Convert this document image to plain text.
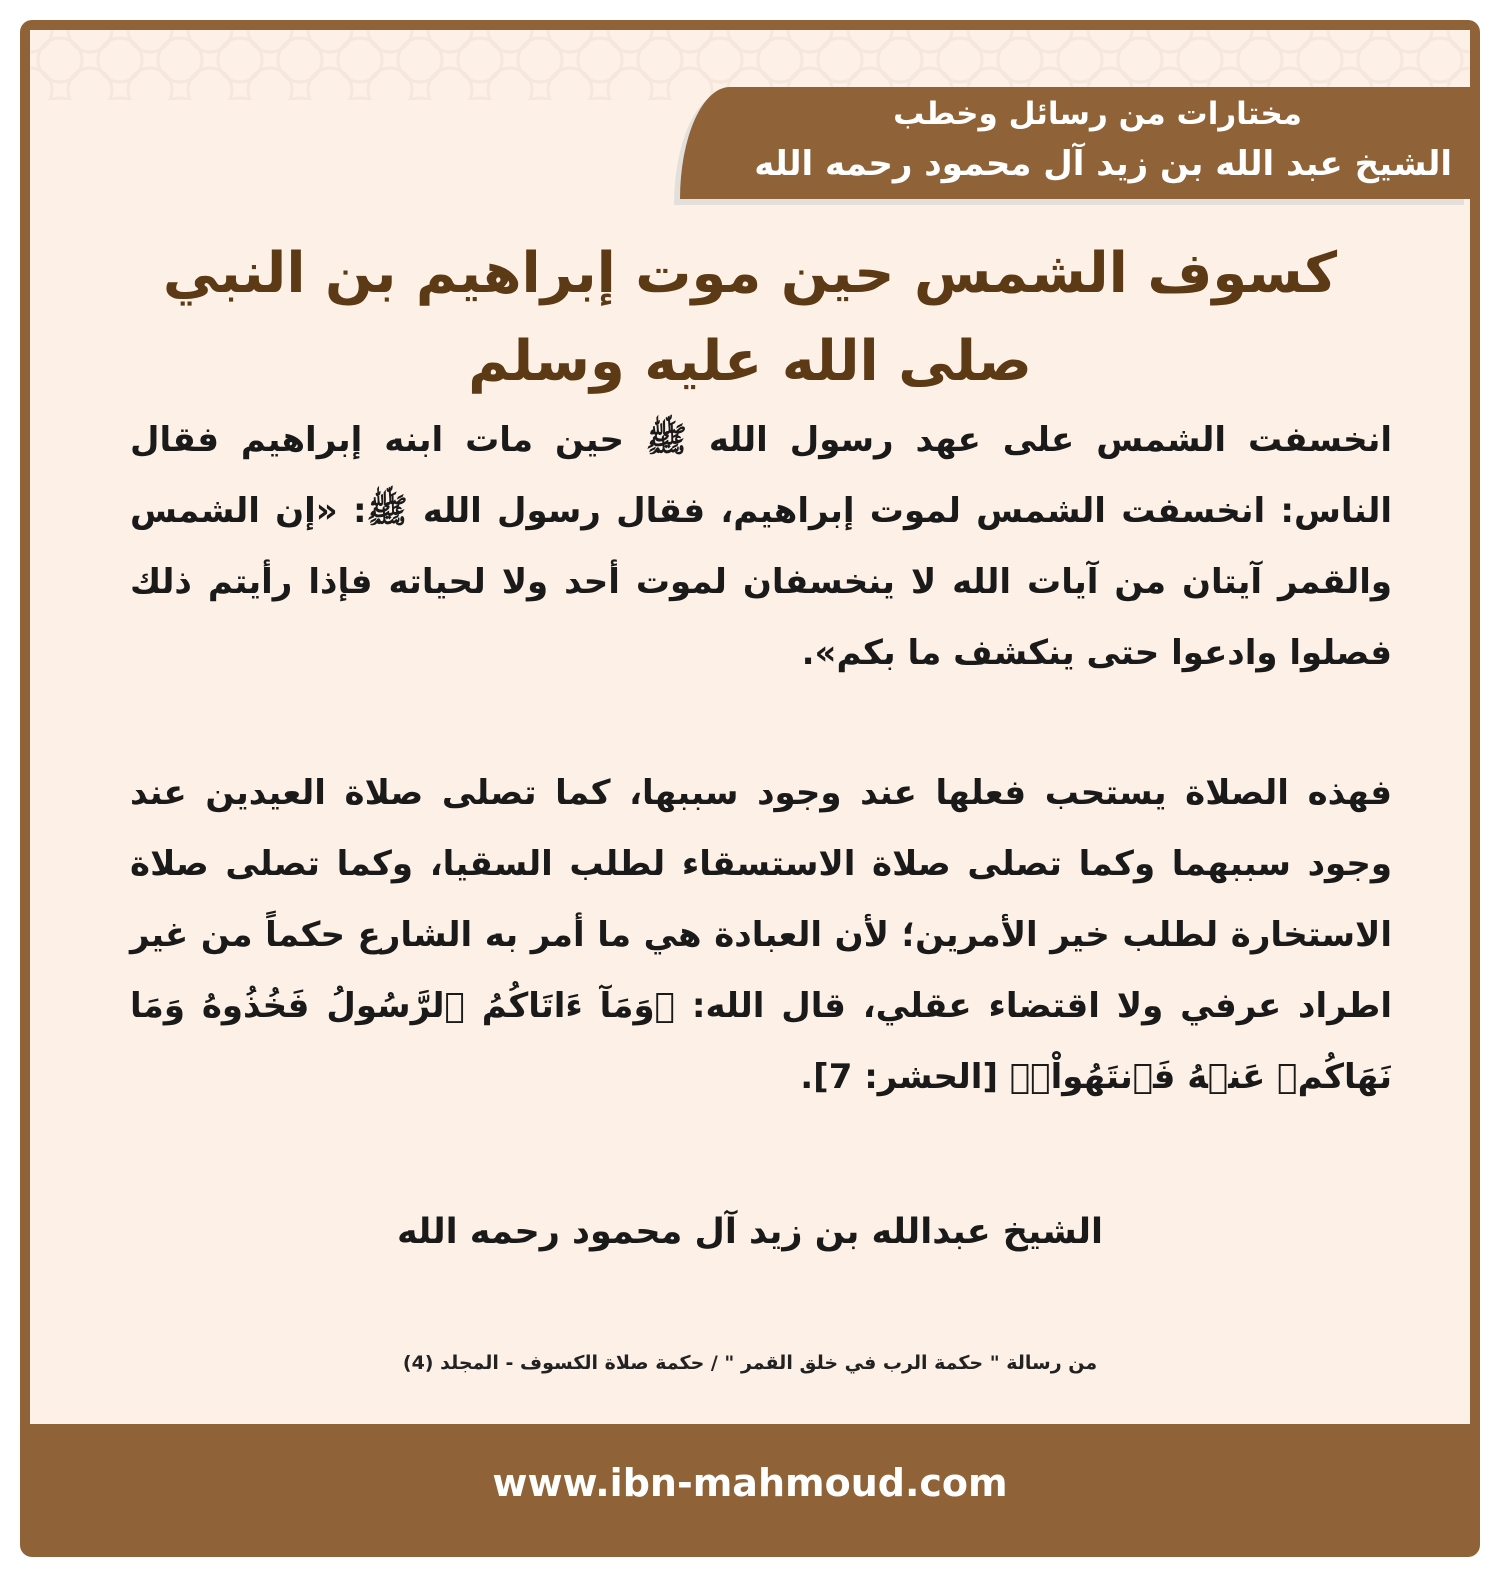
مختارات من رسائل وخطب
الشيخ عبد الله بن زيد آل محمود رحمه الله
كسوف الشمس حين موت إبراهيم بن النبي
صلى الله عليه وسلم
انخسفت الشمس على عهد رسول الله ﷺ حين مات ابنه إبراهيم فقال الناس: انخسفت الشمس لموت إبراهيم، فقال رسول الله ﷺ: «إن الشمس والقمر آيتان من آيات الله لا ينخسفان لموت أحد ولا لحياته فإذا رأيتم ذلك فصلوا وادعوا حتى ينكشف ما بكم».
فهذه الصلاة يستحب فعلها عند وجود سببها، كما تصلى صلاة العيدين عند وجود سببهما وكما تصلى صلاة الاستسقاء لطلب السقيا، وكما تصلى صلاة الاستخارة لطلب خير الأمرين؛ لأن العبادة هي ما أمر به الشارع حكماً من غير اطراد عرفي ولا اقتضاء عقلي، قال الله: ﴿وَمَآ ءَاتَاكُمُ ٱلرَّسُولُ فَخُذُوهُ وَمَا نَهَاكُمۡ عَنۡهُ فَٱنتَهُواْۚ﴾ [الحشر: 7].
الشيخ عبدالله بن زيد آل محمود رحمه الله
من رسالة " حكمة الرب في خلق القمر " / حكمة صلاة الكسوف - المجلد (4)
www.ibn-mahmoud.com
